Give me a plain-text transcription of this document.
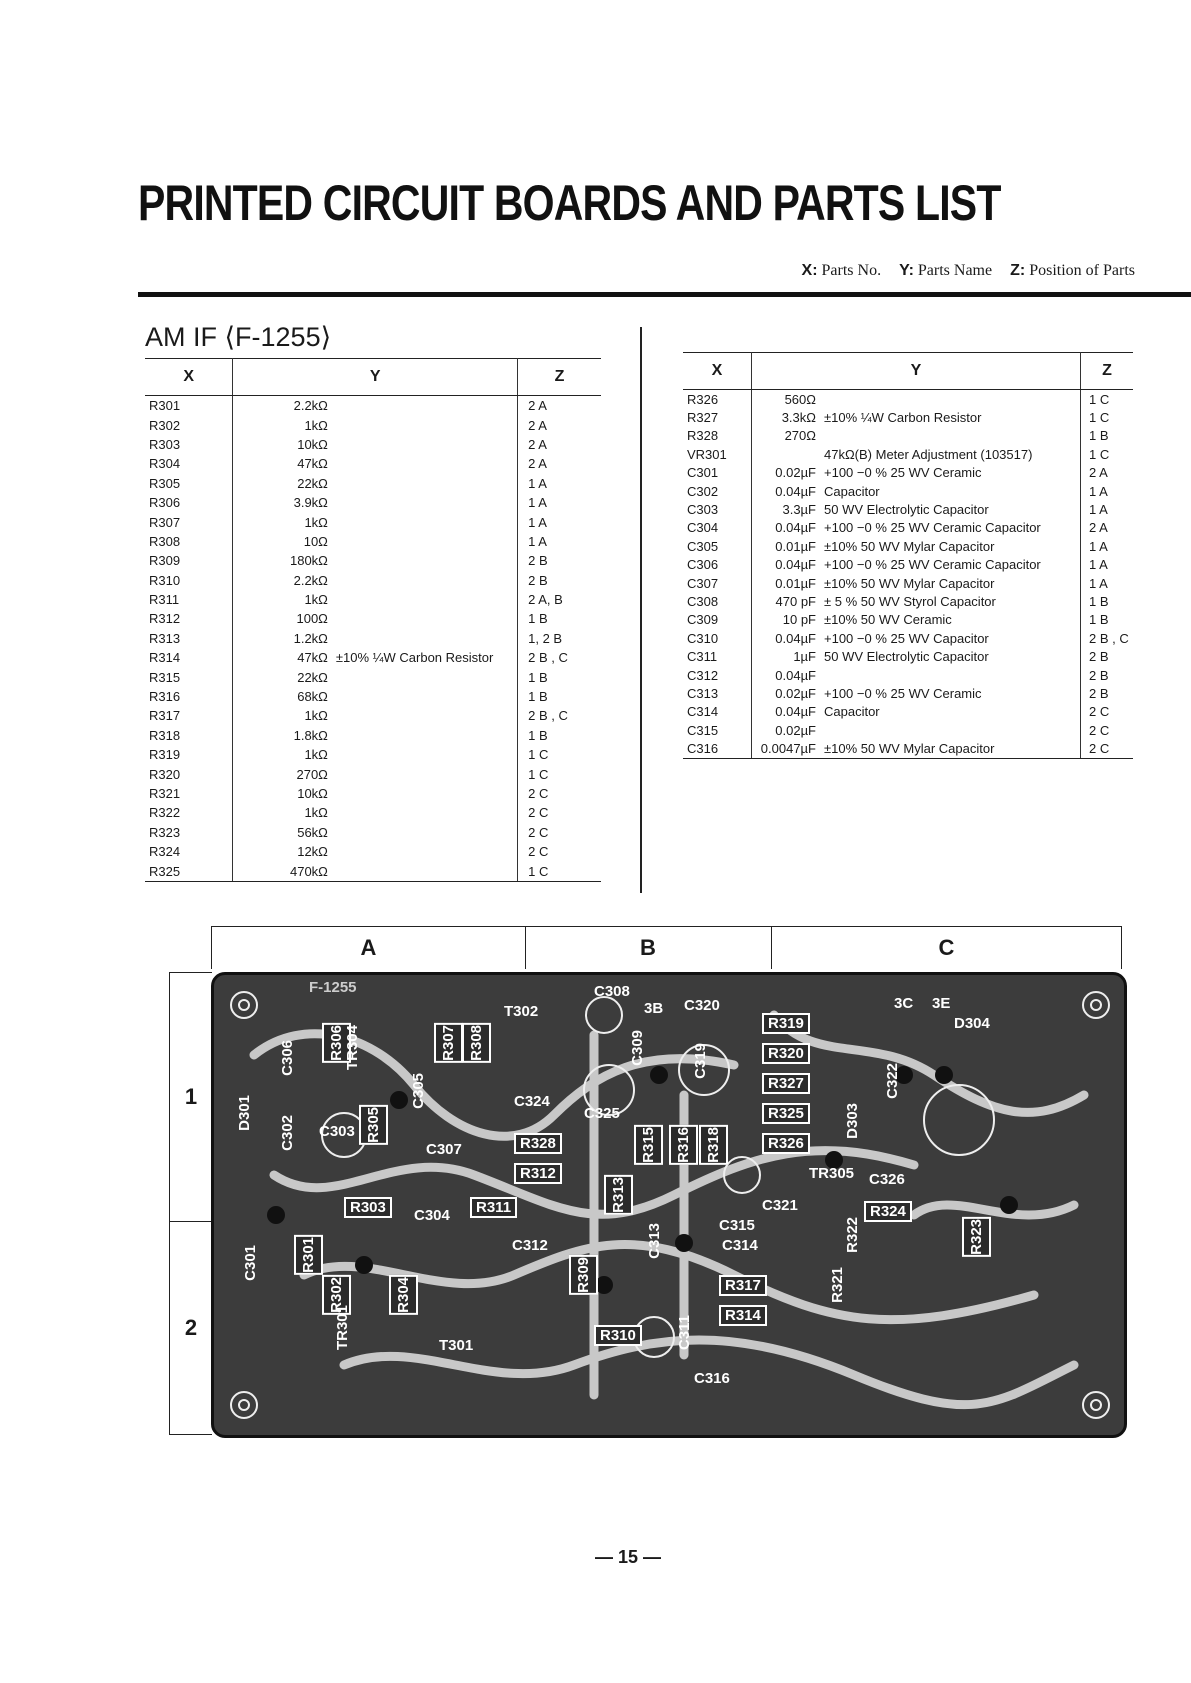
PRINTED CIRCUIT BOARDS AND PARTS LIST
X: Parts No. Y: Parts Name Z: Position of Parts
AM IF ⟨F-1255⟩
X	Y		Z
R301	2.2kΩ		2 A
R302	1kΩ		2 A
R303	10kΩ		2 A
R304	47kΩ		2 A
R305	22kΩ		1 A
R306	3.9kΩ		1 A
R307	1kΩ		1 A
R308	10Ω		1 A
R309	180kΩ		2 B
R310	2.2kΩ		2 B
R311	1kΩ		2 A, B
R312	100Ω		1 B
R313	1.2kΩ		1, 2 B
R314	47kΩ	±10% ¼W Carbon Resistor	2 B , C
R315	22kΩ		1 B
R316	68kΩ		1 B
R317	1kΩ		2 B , C
R318	1.8kΩ		1 B
R319	1kΩ		1 C
R320	270Ω		1 C
R321	10kΩ		2 C
R322	1kΩ		2 C
R323	56kΩ		2 C
R324	12kΩ		2 C
R325	470kΩ		1 C
X	Y		Z
R326	560Ω		1 C
R327	3.3kΩ	±10% ¼W Carbon Resistor	1 C
R328	270Ω		1 B
VR301		47kΩ(B) Meter Adjustment (103517)	1 C
C301	0.02µF	+100 −0 % 25 WV Ceramic	2 A
C302	0.04µF	Capacitor	1 A
C303	3.3µF	50 WV Electrolytic Capacitor	1 A
C304	0.04µF	+100 −0 % 25 WV Ceramic Capacitor	2 A
C305	0.01µF	±10% 50 WV Mylar Capacitor	1 A
C306	0.04µF	+100 −0 % 25 WV Ceramic Capacitor	1 A
C307	0.01µF	±10% 50 WV Mylar Capacitor	1 A
C308	470 pF	± 5 % 50 WV Styrol Capacitor	1 B
C309	10 pF	±10% 50 WV Ceramic	1 B
C310	0.04µF	+100 −0 % 25 WV Capacitor	2 B , C
C311	1µF	50 WV Electrolytic Capacitor	2 B
C312	0.04µF		2 B
C313	0.02µF	+100 −0 % 25 WV Ceramic	2 B
C314	0.04µF	Capacitor	2 C
C315	0.02µF		2 C
C316	0.0047µF	±10% 50 WV Mylar Capacitor	2 C
A	B	C
1
2
F-1255
T302
C308
3B C320
R319
3C 3E
D304
R320
R327	C322
R325	D303
C309	C319
C324
C325
R306 TR304	R307 R308
C306
C305
C303 R305
D301
C302	C307	R328
R312
R315	R316 R318	R326
TR305
C321
C326
R303	C304	R311
C312
R313
C313	C315
C314
R324
R301
R302
TR301
R304
R309	R317
R314
C311
R310
C316
R321
R322	R323
C301
T301
— 15 —
